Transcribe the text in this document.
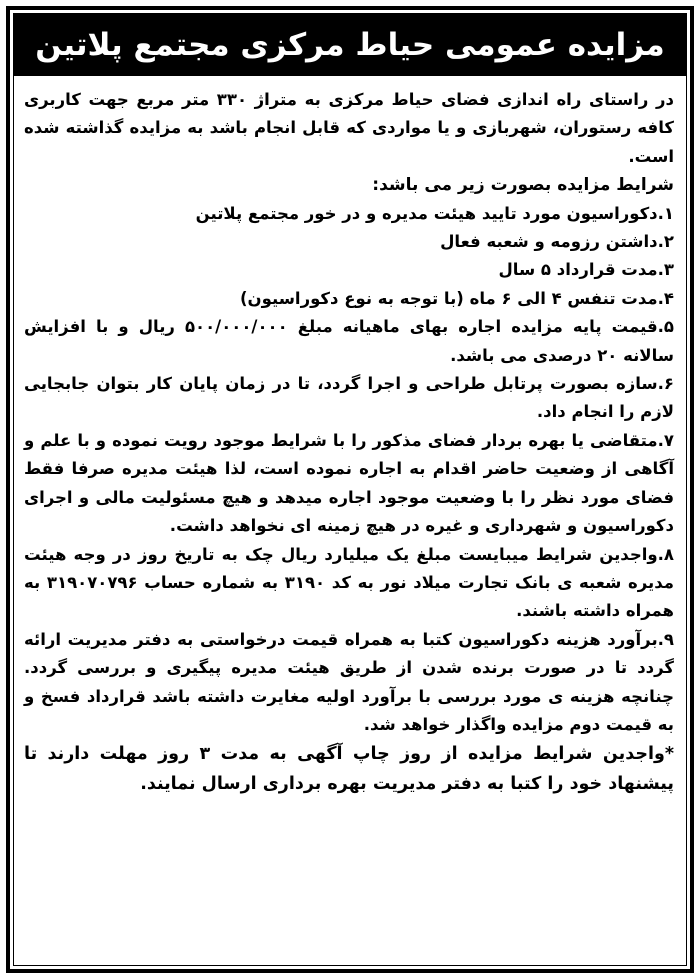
مزایده عمومی حیاط مرکزی مجتمع پلاتین

در راستای راه اندازی فضای حیاط مرکزی به متراژ ۳۳۰ متر مربع جهت کاربری کافه رستوران، شهربازی و یا مواردی که قابل انجام باشد به مزایده گذاشته شده است.

شرایط مزایده بصورت زیر می باشد:

۱.دکوراسیون مورد تایید هیئت مدیره و در خور مجتمع پلاتین

۲.داشتن رزومه و شعبه فعال

۳.مدت قرارداد ۵ سال

۴.مدت تنفس ۴ الی ۶ ماه (با توجه به نوع دکوراسیون)

۵.قیمت پایه مزایده اجاره بهای ماهیانه مبلغ ۵۰۰/۰۰۰/۰۰۰ ریال و با افزایش سالانه ۲۰ درصدی می باشد.

۶.سازه بصورت پرتابل طراحی و اجرا گردد، تا در زمان پایان کار بتوان جابجایی لازم را انجام داد.

۷.متقاضی یا بهره بردار فضای مذکور را با شرایط موجود رویت نموده و با علم و آگاهی از وضعیت حاضر اقدام به اجاره نموده است، لذا هیئت مدیره صرفا فقط فضای مورد نظر را با وضعیت موجود اجاره میدهد و هیچ مسئولیت مالی و اجرای دکوراسیون و شهرداری و غیره در هیچ زمینه ای نخواهد داشت.

۸.واجدین شرایط میبایست مبلغ یک میلیارد ریال چک به تاریخ روز در وجه هیئت مدیره شعبه ی بانک تجارت میلاد نور به کد ۳۱۹۰ به شماره حساب ۳۱۹۰۷۰۷۹۶ به همراه داشته باشند.

۹.برآورد هزینه دکوراسیون کتبا به همراه قیمت درخواستی به دفتر مدیریت ارائه گردد تا در صورت برنده شدن از طریق هیئت مدیره پیگیری و بررسی گردد. چنانچه هزینه ی مورد بررسی با برآورد اولیه مغایرت داشته باشد قرارداد فسخ و به قیمت دوم مزایده واگذار خواهد شد.

*واجدین شرایط مزایده از روز چاپ آگهی به مدت ۳ روز مهلت دارند تا پیشنهاد خود را کتبا به دفتر مدیریت بهره برداری ارسال نمایند.
